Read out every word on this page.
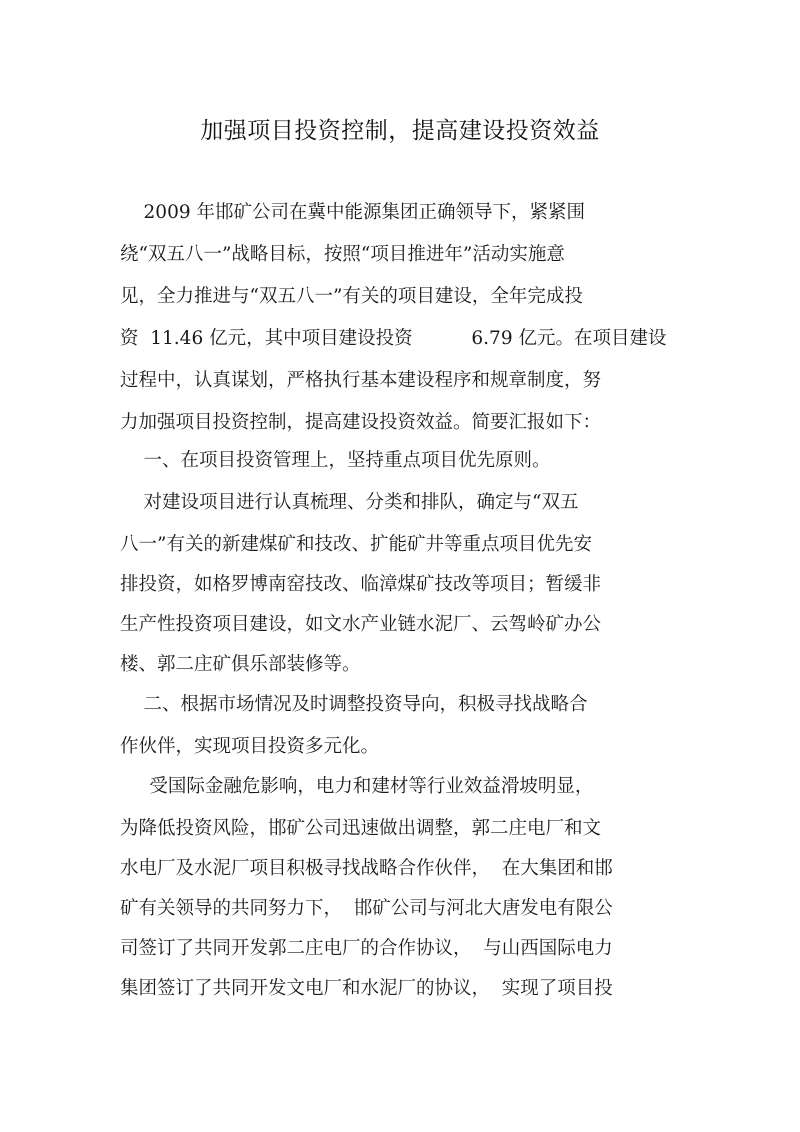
加强项目投资控制，提高建设投资效益
2009 年邯矿公司在冀中能源集团正确领导下，紧紧围
绕“双五八一”战略目标，按照“项目推进年”活动实施意
见，全力推进与“双五八一”有关的项目建设，全年完成投
资  11.46 亿元，其中项目建设投资          6.79 亿元。在项目建设
过程中，认真谋划，严格执行基本建设程序和规章制度，努
力加强项目投资控制，提高建设投资效益。简要汇报如下：
一、在项目投资管理上，坚持重点项目优先原则。
对建设项目进行认真梳理、分类和排队，确定与“双五
八一”有关的新建煤矿和技改、扩能矿井等重点项目优先安
排投资，如格罗博南窑技改、临漳煤矿技改等项目；暂缓非
生产性投资项目建设，如文水产业链水泥厂、云驾岭矿办公
楼、郭二庄矿俱乐部装修等。
二、根据市场情况及时调整投资导向，积极寻找战略合
作伙伴，实现项目投资多元化。
受国际金融危影响，电力和建材等行业效益滑坡明显，
为降低投资风险，邯矿公司迅速做出调整，郭二庄电厂和文
水电厂及水泥厂项目积极寻找战略合作伙伴，  在大集团和邯
矿有关领导的共同努力下，  邯矿公司与河北大唐发电有限公
司签订了共同开发郭二庄电厂的合作协议，  与山西国际电力
集团签订了共同开发文电厂和水泥厂的协议，  实现了项目投
